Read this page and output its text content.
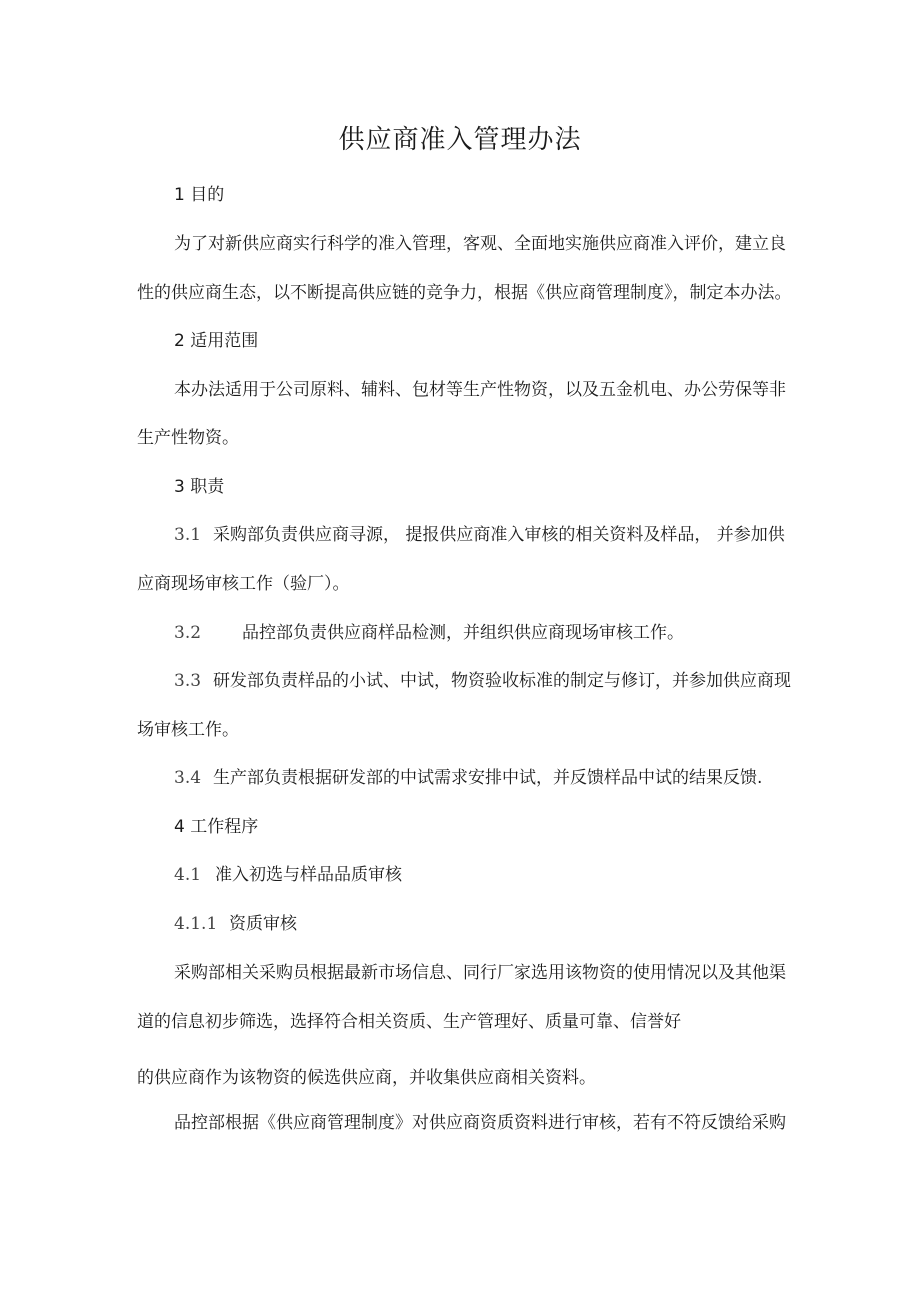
供应商准入管理办法
1 目的
为了对新供应商实行科学的准入管理，客观、全面地实施供应商准入评价，建立良
性的供应商生态，以不断提高供应链的竞争力，根据《供应商管理制度》，制定本办法。
2 适用范围
本办法适用于公司原料、辅料、包材等生产性物资，以及五金机电、办公劳保等非
生产性物资。
3 职责
3.1 采购部负责供应商寻源， 提报供应商准入审核的相关资料及样品， 并参加供
应商现场审核工作（验厂）。
3.2 品控部负责供应商样品检测，并组织供应商现场审核工作。
3.3 研发部负责样品的小试、中试，物资验收标准的制定与修订，并参加供应商现
场审核工作。
3.4 生产部负责根据研发部的中试需求安排中试，并反馈样品中试的结果反馈.
4 工作程序
4.1 准入初选与样品品质审核
4.1.1 资质审核
采购部相关采购员根据最新市场信息、同行厂家选用该物资的使用情况以及其他渠
道的信息初步筛选，选择符合相关资质、生产管理好、质量可靠、信誉好
的供应商作为该物资的候选供应商，并收集供应商相关资料。
品控部根据《供应商管理制度》对供应商资质资料进行审核，若有不符反馈给采购
